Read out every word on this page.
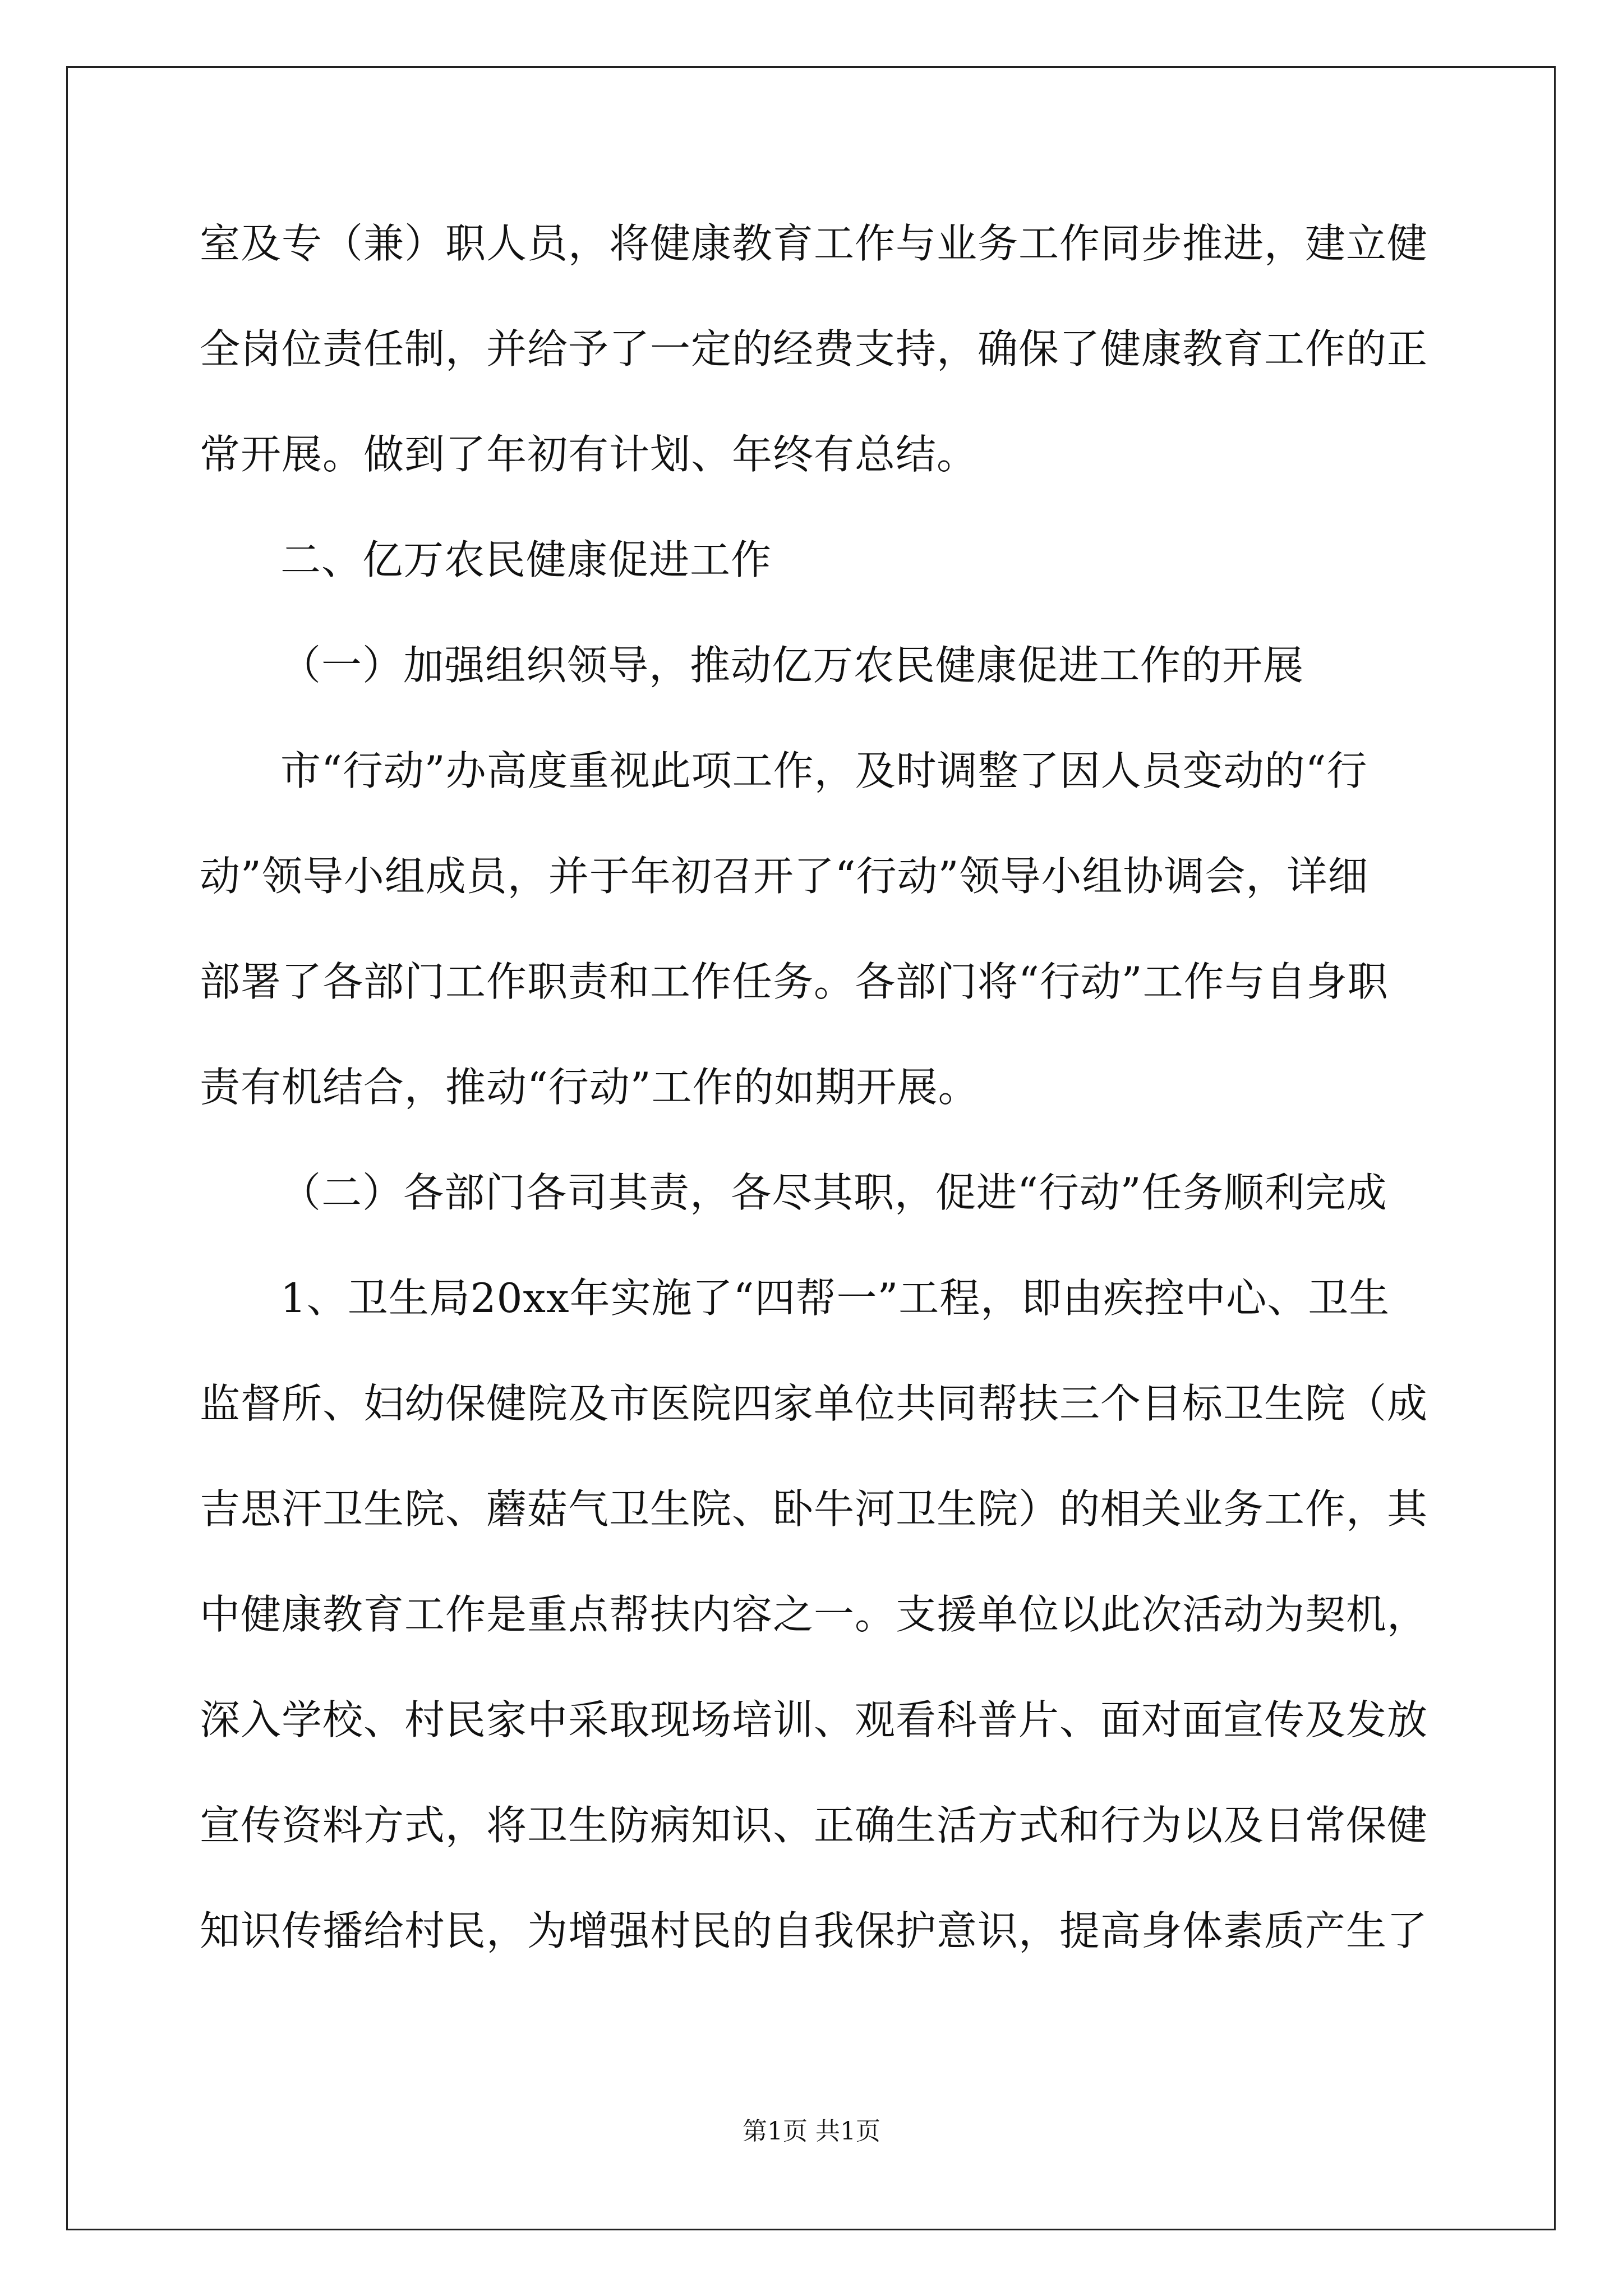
室及专（兼）职人员，将健康教育工作与业务工作同步推进，建立健
全岗位责任制，并给予了一定的经费支持，确保了健康教育工作的正
常开展。做到了年初有计划、年终有总结。
二、亿万农民健康促进工作
（一）加强组织领导，推动亿万农民健康促进工作的开展
市“行动”办高度重视此项工作，及时调整了因人员变动的“行
动”领导小组成员，并于年初召开了“行动”领导小组协调会，详细
部署了各部门工作职责和工作任务。各部门将“行动”工作与自身职
责有机结合，推动“行动”工作的如期开展。
（二）各部门各司其责，各尽其职，促进“行动”任务顺利完成
1、卫生局20xx年实施了“四帮一”工程，即由疾控中心、卫生
监督所、妇幼保健院及市医院四家单位共同帮扶三个目标卫生院（成
吉思汗卫生院、蘑菇气卫生院、卧牛河卫生院）的相关业务工作，其
中健康教育工作是重点帮扶内容之一。支援单位以此次活动为契机，
深入学校、村民家中采取现场培训、观看科普片、面对面宣传及发放
宣传资料方式，将卫生防病知识、正确生活方式和行为以及日常保健
知识传播给村民，为增强村民的自我保护意识，提高身体素质产生了
第1页 共1页
